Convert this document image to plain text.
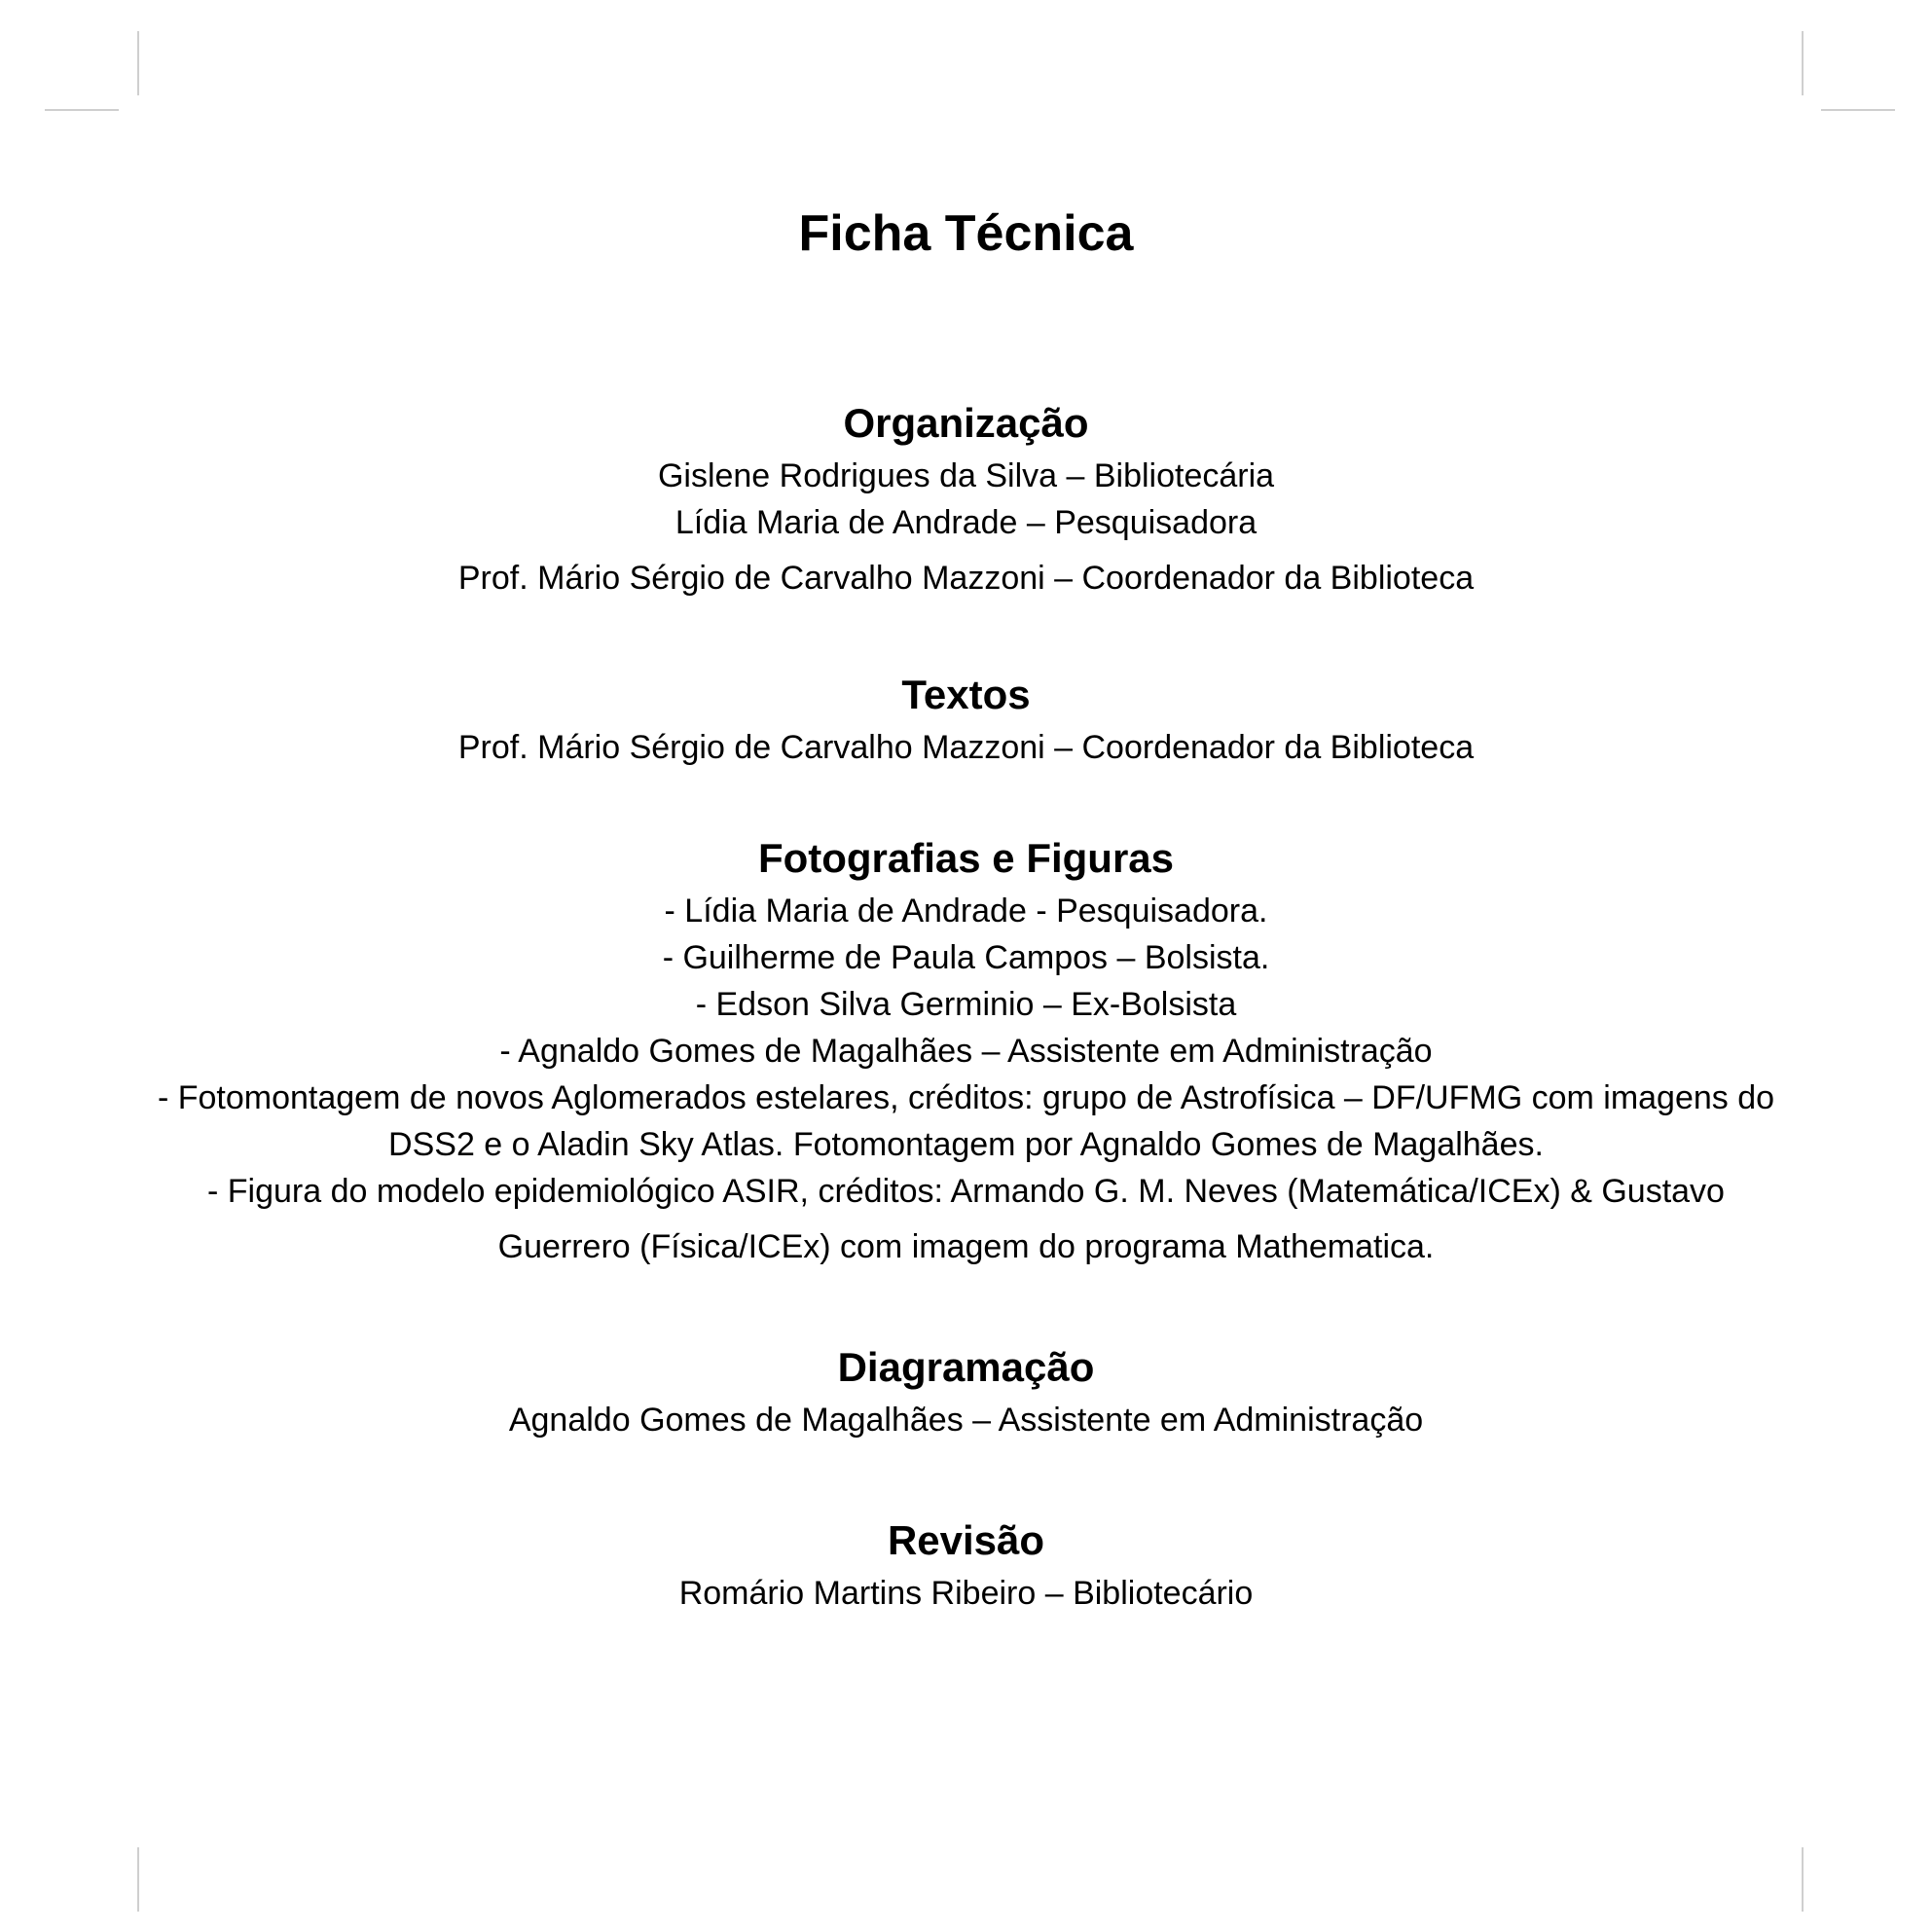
Ficha Técnica
Organização

Gislene Rodrigues da Silva – Bibliotecária

Lídia Maria de Andrade – Pesquisadora

Prof. Mário Sérgio de Carvalho Mazzoni – Coordenador da Biblioteca

Textos

Prof. Mário Sérgio de Carvalho Mazzoni – Coordenador da Biblioteca

Fotografias e Figuras

- Lídia Maria de Andrade - Pesquisadora.

- Guilherme de Paula Campos – Bolsista.

- Edson Silva Germinio – Ex-Bolsista

- Agnaldo Gomes de Magalhães – Assistente em Administração

- Fotomontagem de novos Aglomerados estelares, créditos: grupo de Astrofísica – DF/UFMG com imagens do

DSS2 e o Aladin Sky Atlas. Fotomontagem por Agnaldo Gomes de Magalhães.

- Figura do modelo epidemiológico ASIR, créditos: Armando G. M. Neves (Matemática/ICEx) & Gustavo

Guerrero (Física/ICEx) com imagem do programa Mathematica.

Diagramação

Agnaldo Gomes de Magalhães – Assistente em Administração

Revisão

Romário Martins Ribeiro – Bibliotecário
